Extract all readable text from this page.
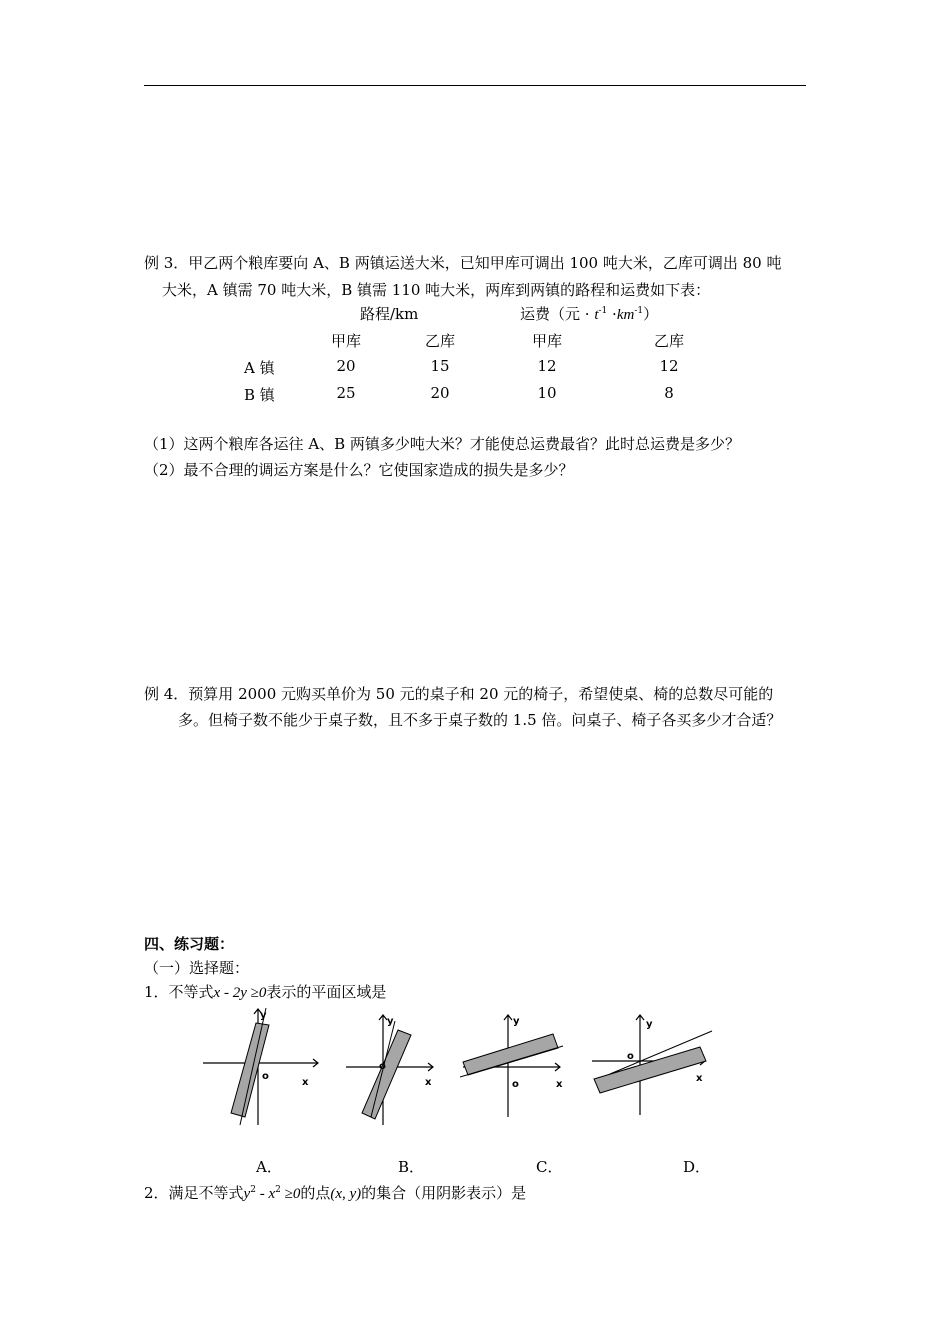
例 3．甲乙两个粮库要向 A、B 两镇运送大米，已知甲库可调出 100 吨大米，乙库可调出 80 吨
大米，A 镇需 70 吨大米，B 镇需 110 吨大米，两库到两镇的路程和运费如下表：
路程/km	运费（元 · $t^{-1} \cdot km^{-1}$）
甲库	乙库	甲库	乙库
A 镇	20	15	12	12
B 镇	25	20	10	8
（1）这两个粮库各运往 A、B 两镇多少吨大米？才能使总运费最省？此时总运费是多少？
（2）最不合理的调运方案是什么？它使国家造成的损失是多少？
例 4．预算用 2000 元购买单价为 50 元的桌子和 20 元的椅子，希望使桌、椅的总数尽可能的
多。但椅子数不能少于桌子数，且不多于桌子数的 1.5 倍。问桌子、椅子各买多少才合适？
四、练习题：
（一）选择题：
1．不等式x - 2y ≥0表示的平面区域是
x
y
o
x
y
o
x
y
o
x
y
o
A．	B．	C．	D．
2．满足不等式$y^2 - x^2 \ge 0$的点(x, y)的集合（用阴影表示）是
